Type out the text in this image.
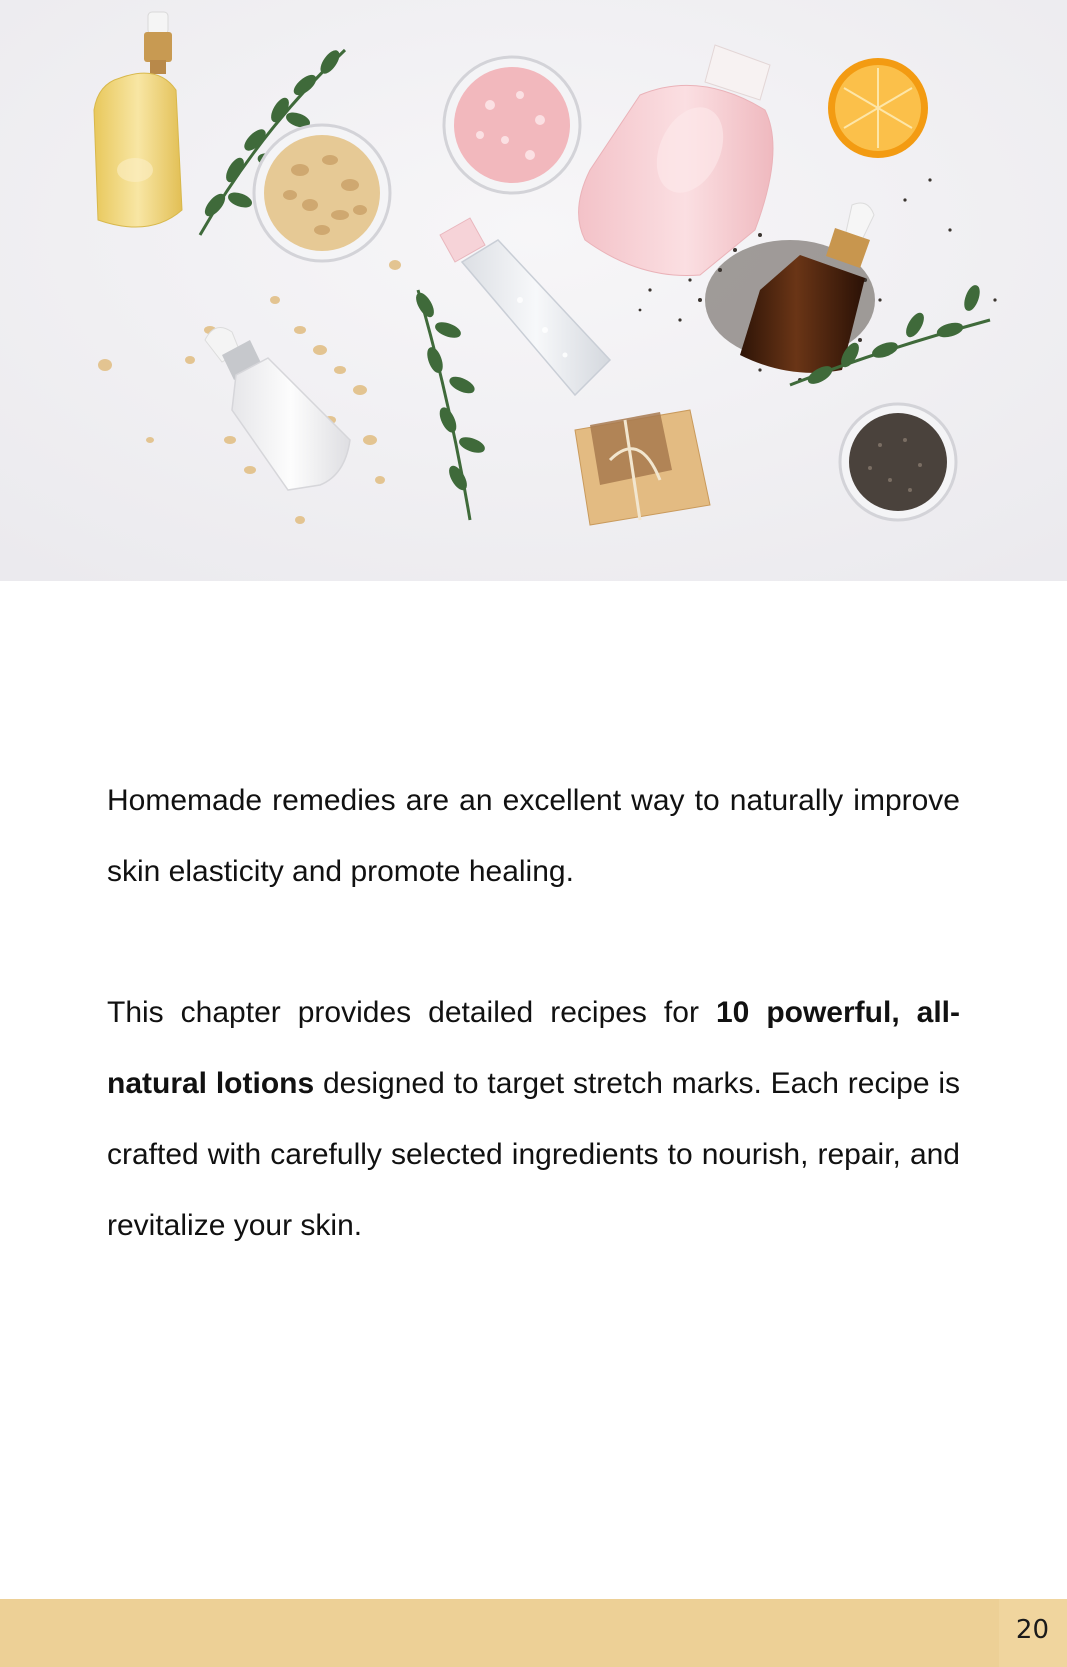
Homemade remedies are an excellent way to naturally improve skin elasticity and promote healing.

This chapter provides detailed recipes for 10 powerful, all-natural lotions designed to target stretch marks. Each recipe is crafted with carefully selected ingredients to nourish, repair, and revitalize your skin.

20
